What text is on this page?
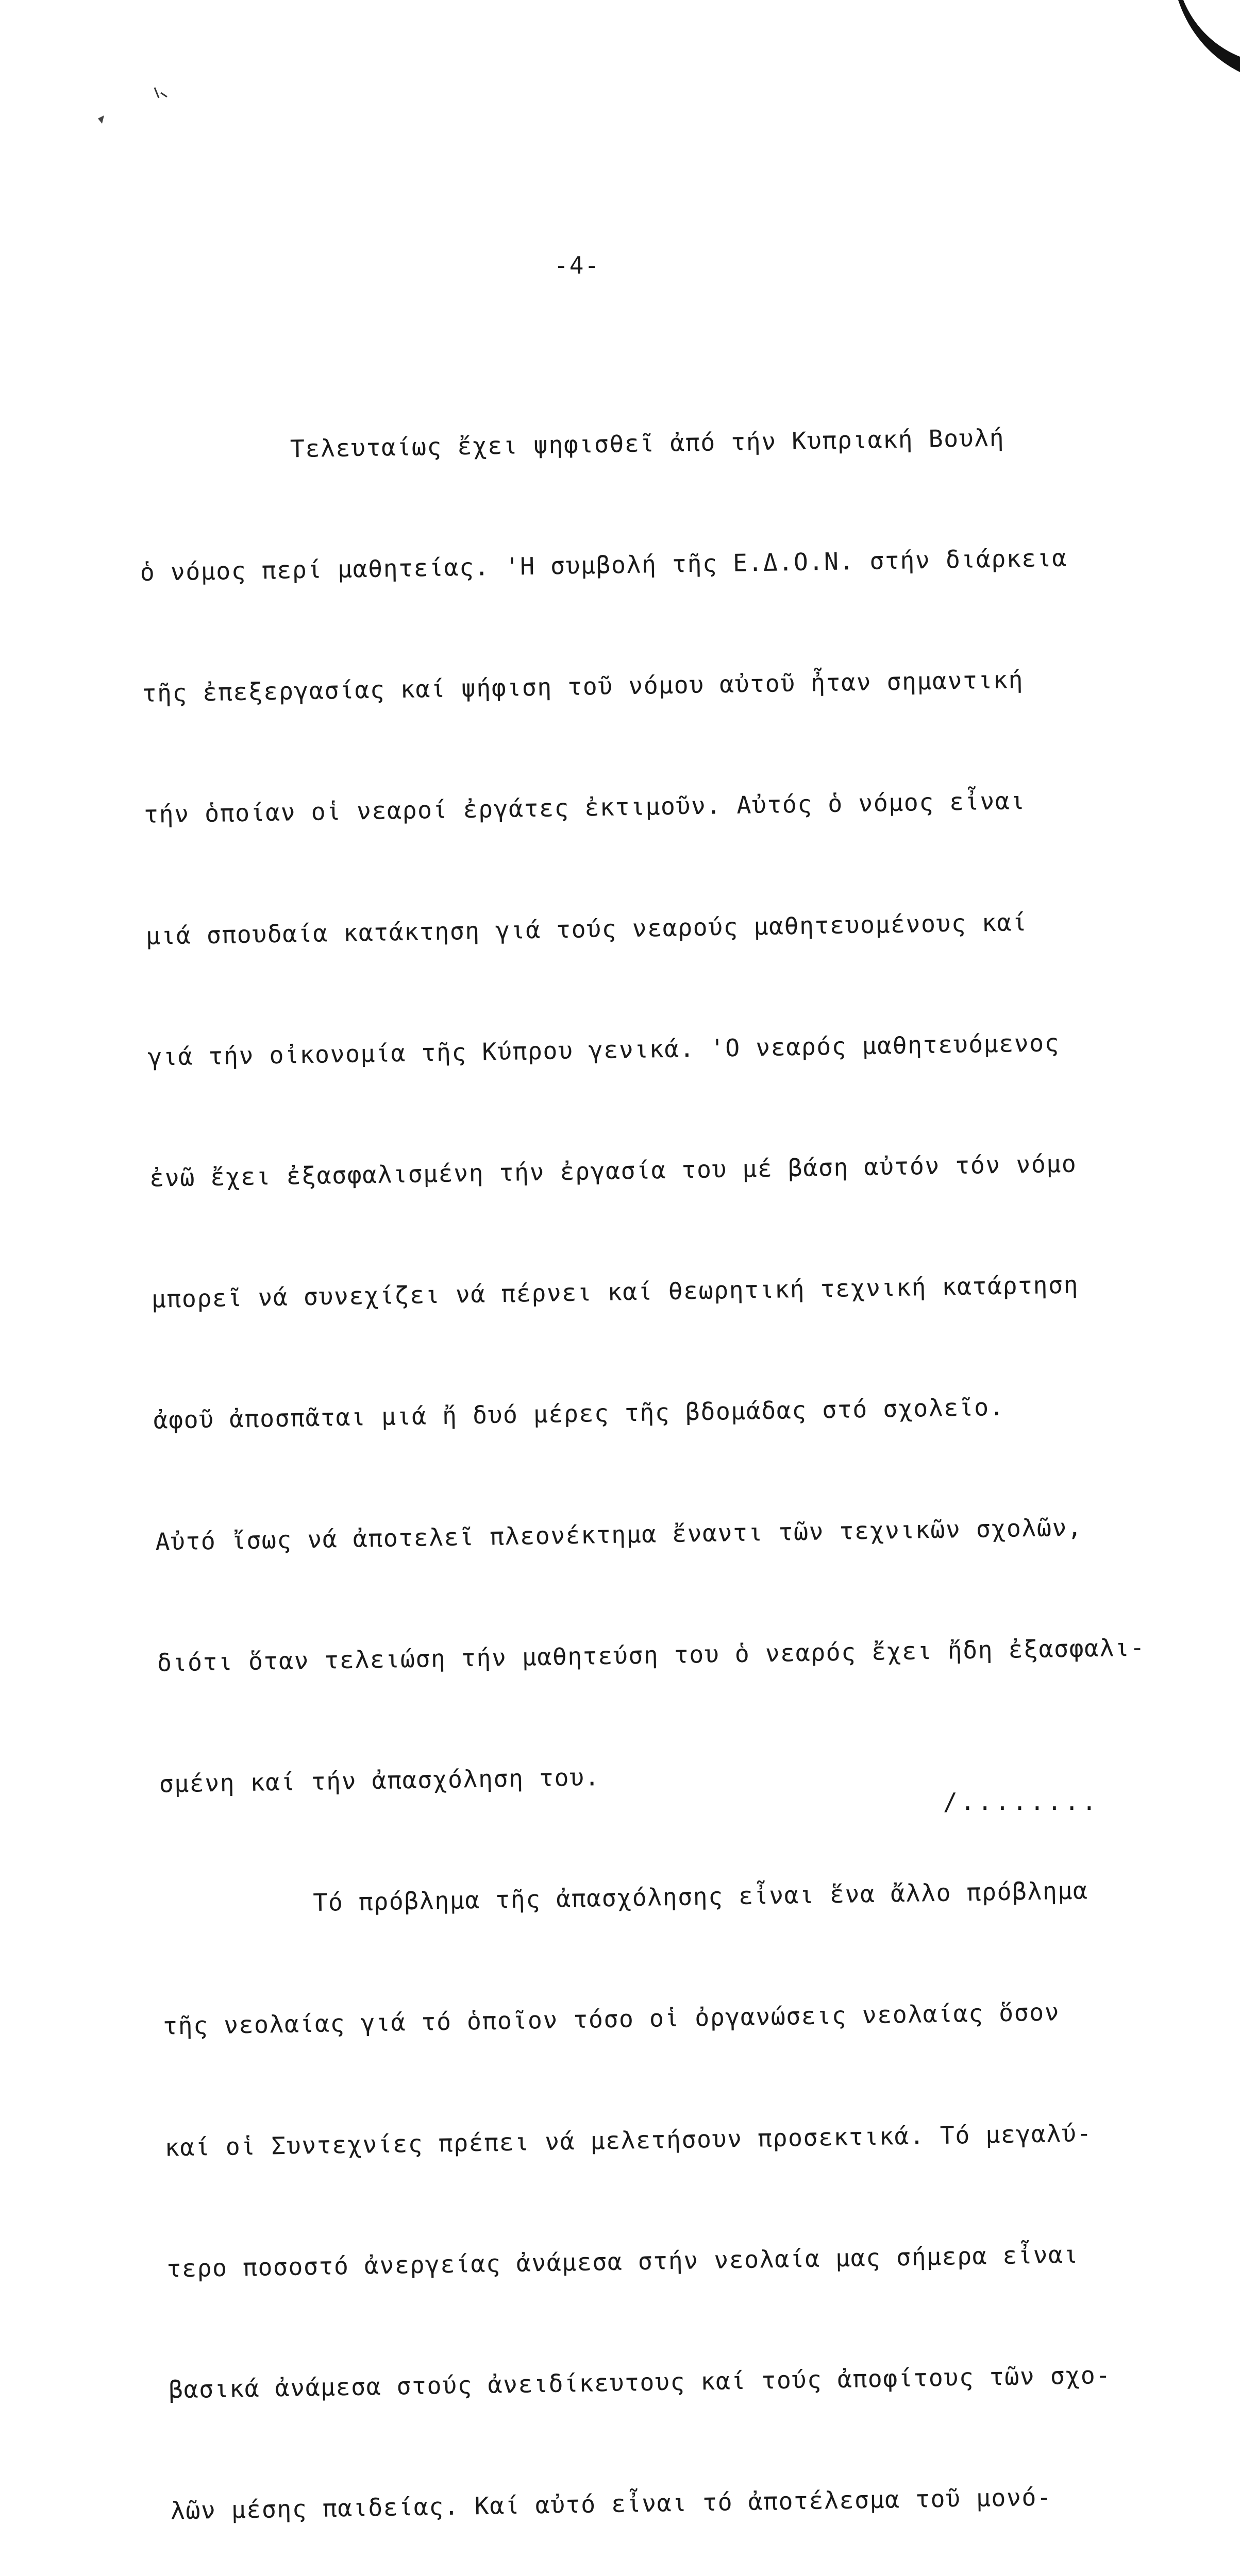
-4-

Τελευταίως ἔχει ψηφισθεῖ ἀπό τήν Κυπριακή Βουλή

ὁ νόμος περί μαθητείας. 'Η συμβολή τῆς Ε.Δ.Ο.Ν. στήν διάρκεια

τῆς ἐπεξεργασίας καί ψήφιση τοῦ νόμου αὐτοῦ ἦταν σημαντική

τήν ὁποίαν οἱ νεαροί ἐργάτες ἐκτιμοῦν. Αὐτός ὁ νόμος εἶναι

μιά σπουδαία κατάκτηση γιά τούς νεαρούς μαθητευομένους καί

γιά τήν οἰκονομία τῆς Κύπρου γενικά. 'Ο νεαρός μαθητευόμενος

ἐνῶ ἔχει ἐξασφαλισμένη τήν ἐργασία του μέ βάση αὐτόν τόν νόμο

μπορεῖ νά συνεχίζει νά πέρνει καί θεωρητική τεχνική κατάρτηση

ἀφοῦ ἀποσπᾶται μιά ἤ δυό μέρες τῆς βδομάδας στό σχολεῖο.

Αὐτό ἴσως νά ἀποτελεῖ πλεονέκτημα ἔναντι τῶν τεχνικῶν σχολῶν,

διότι ὅταν τελειώση τήν μαθητεύση του ὁ νεαρός ἔχει ἤδη ἐξασφαλι-

σμένη καί τήν ἀπασχόληση του.

Τό πρόβλημα τῆς ἀπασχόλησης εἶναι ἕνα ἄλλο πρόβλημα

τῆς νεολαίας γιά τό ὁποῖον τόσο οἱ ὀργανώσεις νεολαίας ὅσον

καί οἱ Συντεχνίες πρέπει νά μελετήσουν προσεκτικά. Τό μεγαλύ-

τερο ποσοστό ἀνεργείας ἀνάμεσα στήν νεολαία μας σήμερα εἶναι

βασικά ἀνάμεσα στούς ἀνειδίκευτους καί τούς ἀποφίτους τῶν σχο-

λῶν μέσης παιδείας. Καί αὐτό εἶναι τό ἀποτέλεσμα τοῦ μονό-

/........
